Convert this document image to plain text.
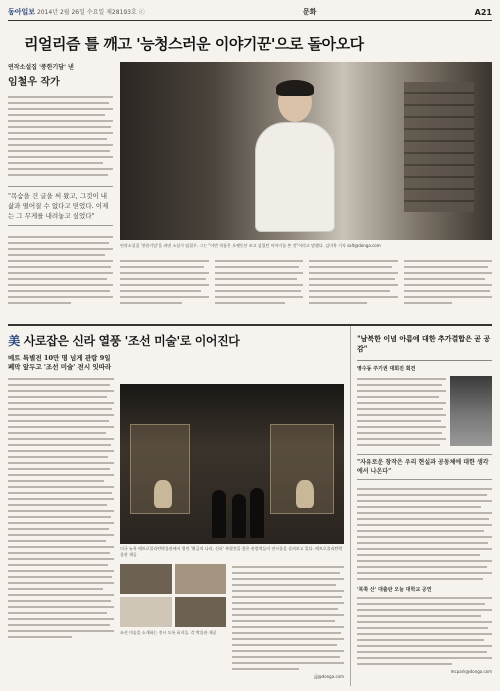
동아일보 2014년 2월 26일 수요일 제28193호 ⓒ	문화	A21
리얼리즘 틀 깨고 '능청스러운 이야기꾼'으로 돌아오다
연작소설집 '풍한기담' 낸
임철우 작가
"목숨을 건 글을 써 왔고, 그것이 내 삶과 떨어질 수 없다고 믿었다. 이제는 그 무게를 내려놓고 싶었다"
연작소설집 '풍한기담'을 펴낸 소설가 임철우. 그는 "이번 작품은 오랫동안 쓰고 싶었던 이야기를 쓴 것"이라고 말했다. 김미옥 기자 salt@donga.com
美 사로잡은 신라 열풍 '조선 미술'로 이어진다
메트 특별전 10만 명 넘게 관람 9일 폐막 앞두고 '조선 미술' 전시 잇따라
미국 뉴욕 메트로폴리탄박물관에서 열린 '황금의 나라, 신라' 특별전을 찾은 관람객들이 전시물을 살펴보고 있다. 메트로폴리탄박물관 제공
조선 미술을 소개하는 전시 도록 표지들. 각 박물관 제공
jjj@donga.com
"남북한 이념 아름에 대한 추가결합은 곧 공감"
영수동 주기권 대회진 회견
"자유로운 창작은 우리 현실과 공동체에 대한 생각에서 나온다"
'북쪽 산' 대출판 오늘 대학교 공연
mcpark@donga.com
